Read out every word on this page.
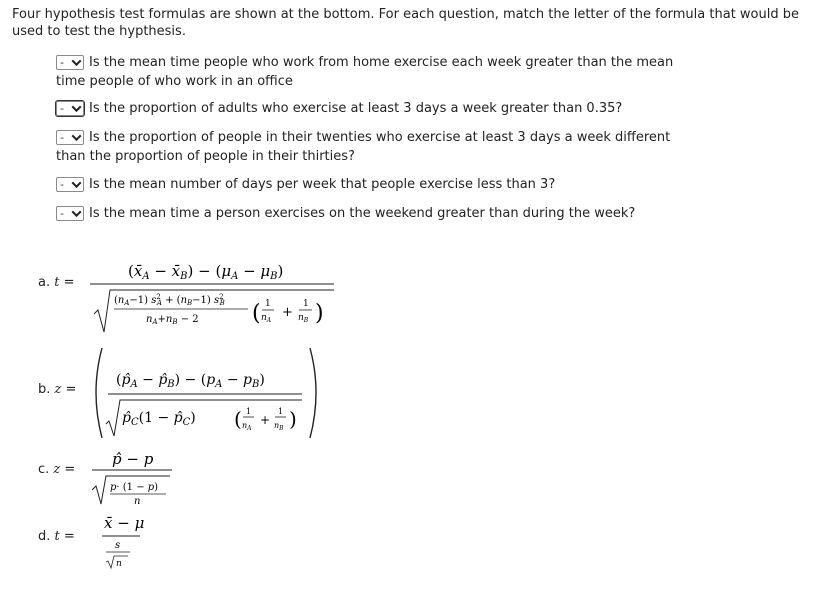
Four hypothesis test formulas are shown at the bottom. For each question, match the letter of the formula that would be used to test the hypthesis.

- Is the mean time people who work from home exercise each week greater than the mean
time people of who work in an office
- Is the proportion of adults who exercise at least 3 days a week greater than 0.35?
- Is the proportion of people in their twenties who exercise at least 3 days a week different
than the proportion of people in their thirties?
- Is the mean number of days per week that people exercise less than 3?
- Is the mean time a person exercises on the weekend greater than during the week?
a. t =
($x̄_A$ − $x̄_B) - (\mu_A - \mu_B)$
$(n_A-1)$ $s^2$ $A + (n_B-1)$ $s^2$ B
$n_A+n_B - 2$ ( 1
$n_A$
+
1
$n_B$ )
b. z =
($p̂_A$ − $p̂_B) - (p_A - p_B)$
$p̂_C(1$ − $p̂_C$) ( 1
$n_A$
+
1
$n_B$ )
c. z =
p̂ − p
p· (1 − p)
n
d. t =
x̄ − μ
s
n
